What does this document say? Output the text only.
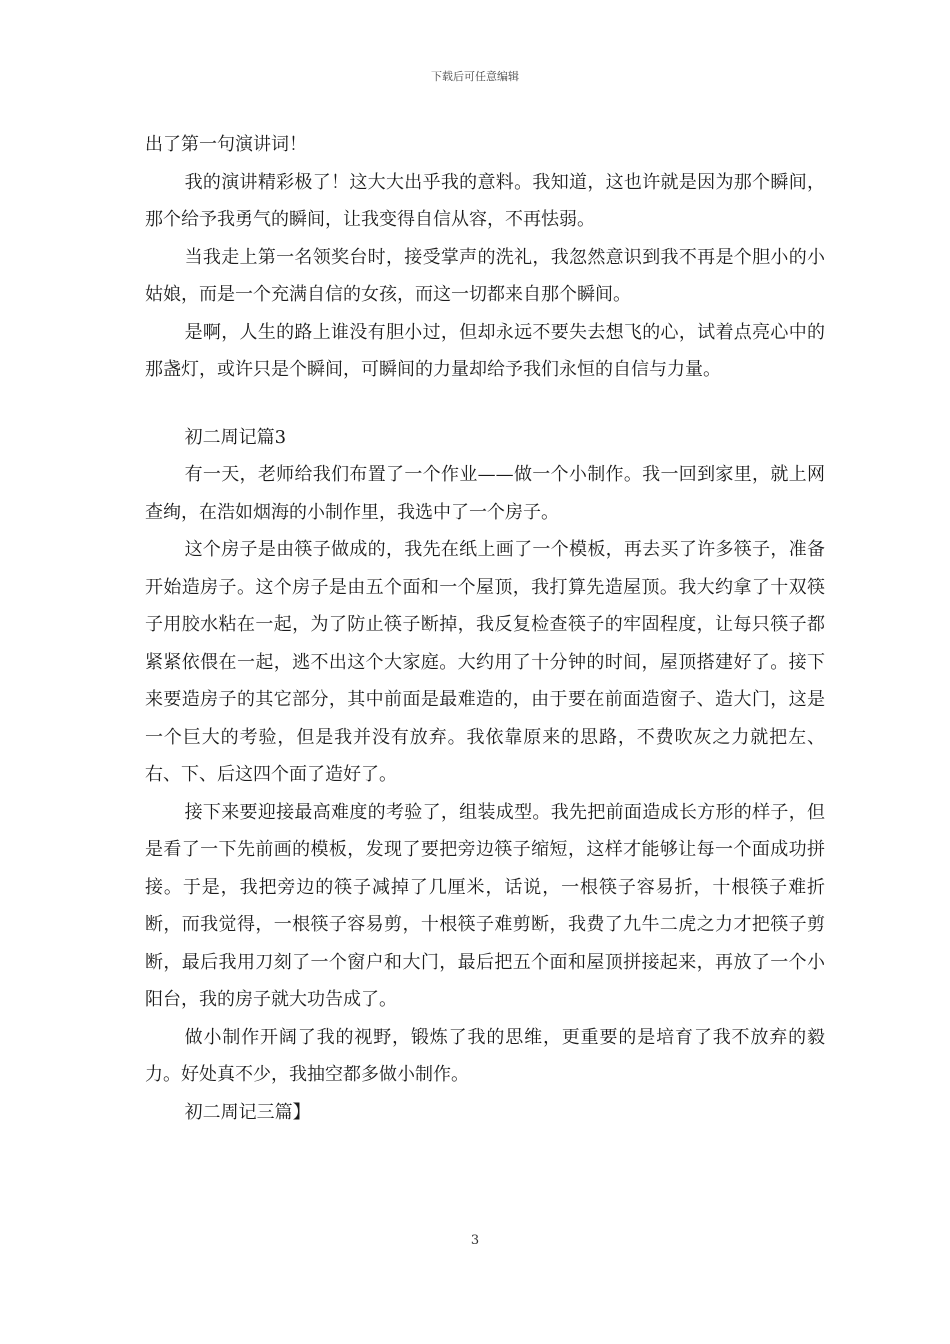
下载后可任意编辑

出了第一句演讲词！

我的演讲精彩极了！这大大出乎我的意料。我知道，这也许就是因为那个瞬间，那个给予我勇气的瞬间，让我变得自信从容，不再怯弱。

当我走上第一名领奖台时，接受掌声的洗礼，我忽然意识到我不再是个胆小的小姑娘，而是一个充满自信的女孩，而这一切都来自那个瞬间。

是啊，人生的路上谁没有胆小过，但却永远不要失去想飞的心，试着点亮心中的那盏灯，或许只是个瞬间，可瞬间的力量却给予我们永恒的自信与力量。

初二周记篇3

有一天，老师给我们布置了一个作业——做一个小制作。我一回到家里，就上网查绚，在浩如烟海的小制作里，我选中了一个房子。

这个房子是由筷子做成的，我先在纸上画了一个模板，再去买了许多筷子，准备开始造房子。这个房子是由五个面和一个屋顶，我打算先造屋顶。我大约拿了十双筷子用胶水粘在一起，为了防止筷子断掉，我反复检查筷子的牢固程度，让每只筷子都紧紧依偎在一起，逃不出这个大家庭。大约用了十分钟的时间，屋顶搭建好了。接下来要造房子的其它部分，其中前面是最难造的，由于要在前面造窗子、造大门，这是一个巨大的考验，但是我并没有放弃。我依靠原来的思路，不费吹灰之力就把左、右、下、后这四个面了造好了。

接下来要迎接最高难度的考验了，组装成型。我先把前面造成长方形的样子，但是看了一下先前画的模板，发现了要把旁边筷子缩短，这样才能够让每一个面成功拼接。于是，我把旁边的筷子减掉了几厘米，话说，一根筷子容易折，十根筷子难折断，而我觉得，一根筷子容易剪，十根筷子难剪断，我费了九牛二虎之力才把筷子剪断，最后我用刀刻了一个窗户和大门，最后把五个面和屋顶拼接起来，再放了一个小阳台，我的房子就大功告成了。

做小制作开阔了我的视野，锻炼了我的思维，更重要的是培育了我不放弃的毅力。好处真不少，我抽空都多做小制作。

初二周记三篇】

3
